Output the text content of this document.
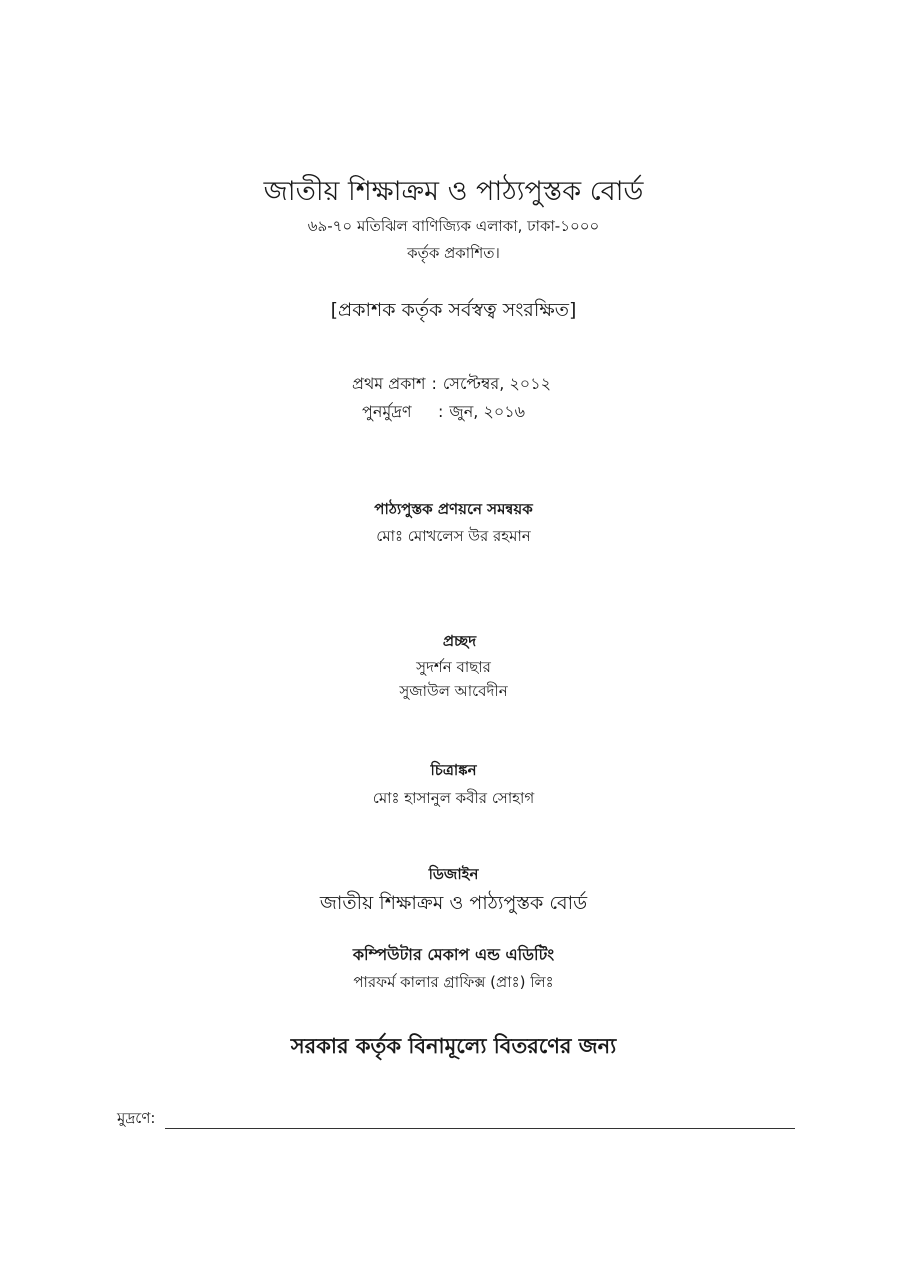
জাতীয় শিক্ষাক্রম ও পাঠ্যপুস্তক বোর্ড
৬৯-৭০ মতিঝিল বাণিজ্যিক এলাকা, ঢাকা-১০০০
কর্তৃক প্রকাশিত।
[প্রকাশক কর্তৃক সর্বস্বত্ব সংরক্ষিত]
প্রথম প্রকাশ : সেপ্টেম্বর, ২০১২
পুনর্মুদ্রণ : জুন, ২০১৬
পাঠ্যপুস্তক প্রণয়নে সমন্বয়ক
মোঃ মোখলেস উর রহমান
প্রচ্ছদ
সুদর্শন বাছার
সুজাউল আবেদীন
চিত্রাঙ্কন
মোঃ হাসানুল কবীর সোহাগ
ডিজাইন
জাতীয় শিক্ষাক্রম ও পাঠ্যপুস্তক বোর্ড
কম্পিউটার মেকাপ এন্ড এডিটিং
পারফর্ম কালার গ্রাফিক্স (প্রাঃ) লিঃ
সরকার কর্তৃক বিনামূল্যে বিতরণের জন্য
মুদ্রণে:
